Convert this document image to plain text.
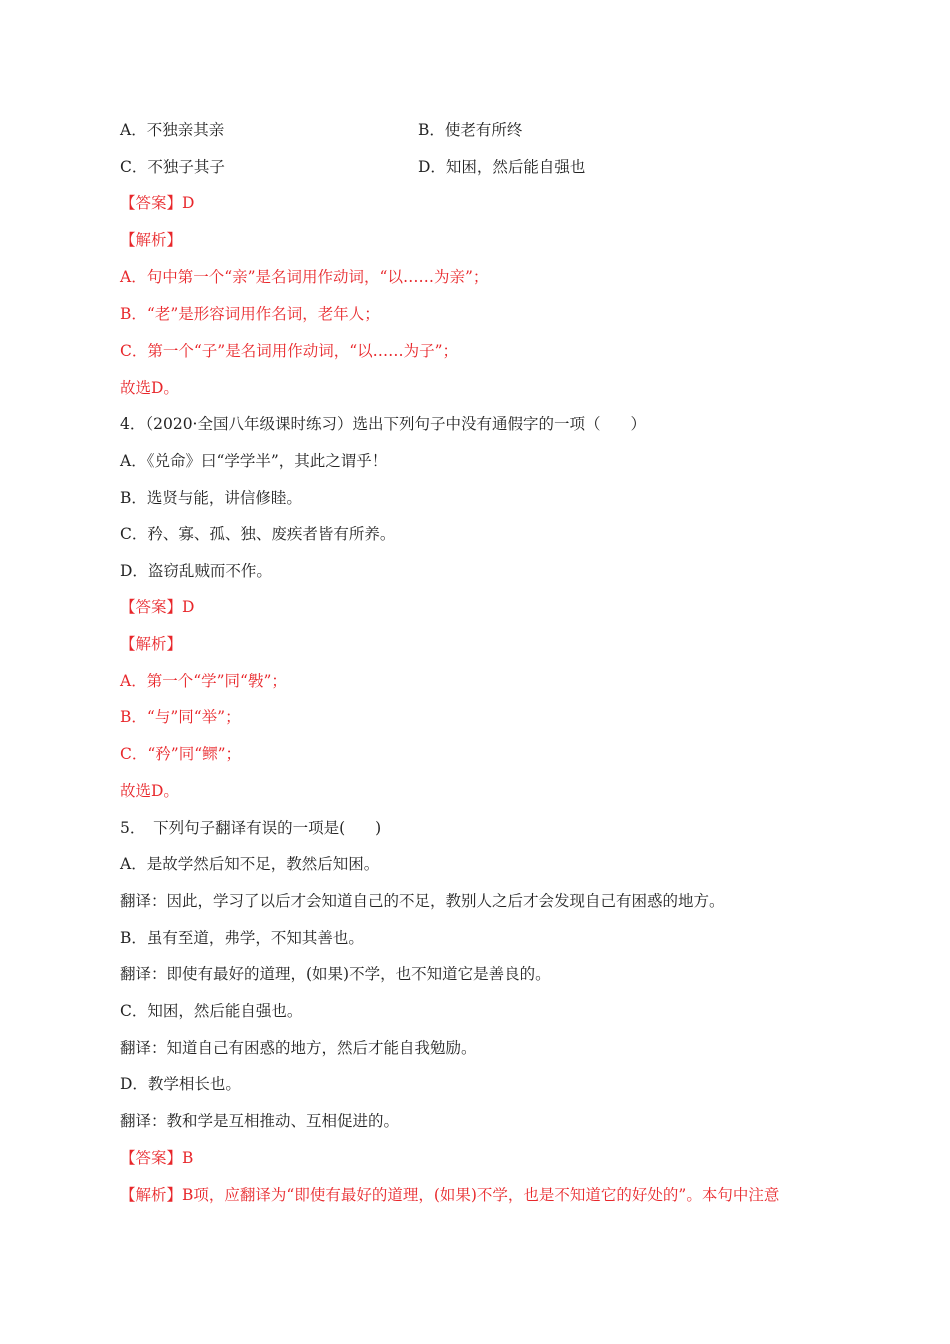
A．不独亲其亲	B．使老有所终
C．不独子其子	D．知困，然后能自强也
【答案】D
【解析】
A．句中第一个“亲”是名词用作动词，“以……为亲”；
B．“老”是形容词用作名词，老年人；
C．第一个“子”是名词用作动词，“以……为子”；
故选D。
4．（2020·全国八年级课时练习）选出下列句子中没有通假字的一项（ ）
A．《兑命》曰“学学半”，其此之谓乎！
B．选贤与能，讲信修睦。
C．矜、寡、孤、独、废疾者皆有所养。
D．盗窃乱贼而不作。
【答案】D
【解析】
A．第一个“学”同“斅”；
B．“与”同“举”；
C．“矜”同“鳏”；
故选D。
5．　下列句子翻译有误的一项是( )
A．是故学然后知不足，教然后知困。
翻译：因此，学习了以后才会知道自己的不足，教别人之后才会发现自己有困惑的地方。
B．虽有至道，弗学，不知其善也。
翻译：即使有最好的道理，(如果)不学，也不知道它是善良的。
C．知困，然后能自强也。
翻译：知道自己有困惑的地方，然后才能自我勉励。
D．教学相长也。
翻译：教和学是互相推动、互相促进的。
【答案】B
【解析】B项，应翻译为“即使有最好的道理，(如果)不学，也是不知道它的好处的”。本句中注意
